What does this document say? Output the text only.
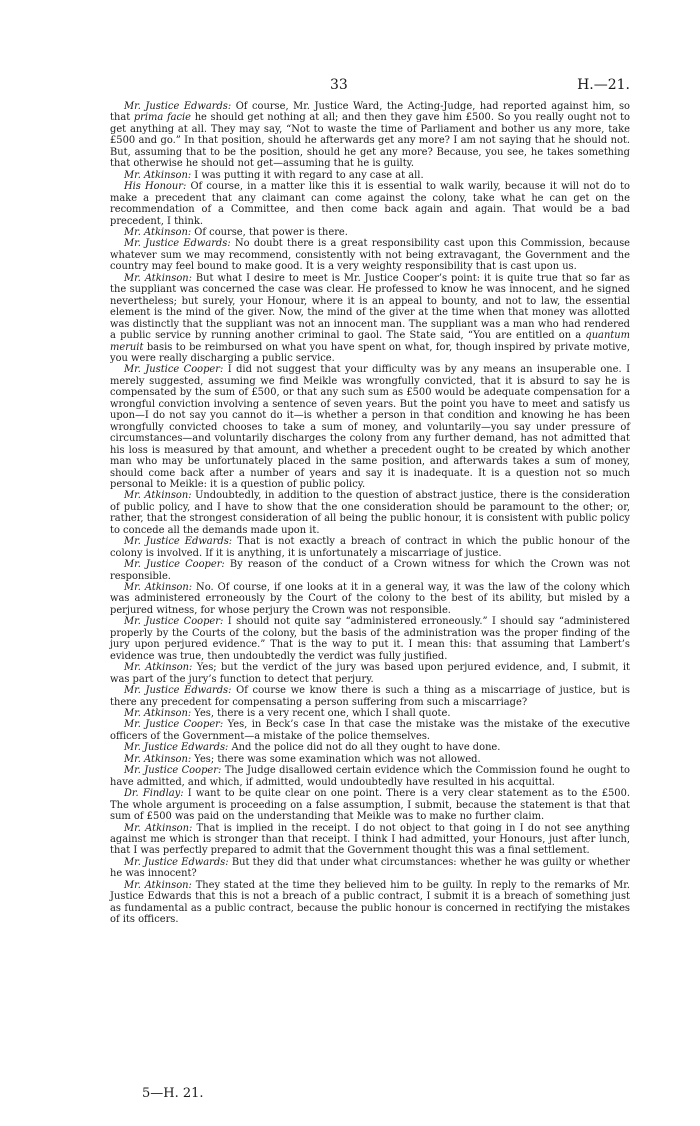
33	H.—21.

Mr. Justice Edwards: Of course, Mr. Justice Ward, the Acting-Judge, had reported against him, so that prima facie he should get nothing at all; and then they gave him £500. So you really ought not to get anything at all. They may say, “Not to waste the time of Parliament and bother us any more, take £500 and go.” In that position, should he afterwards get any more? I am not saying that he should not. But, assuming that to be the position, should he get any more? Because, you see, he takes something that otherwise he should not get—assuming that he is guilty.

Mr. Atkinson: I was putting it with regard to any case at all.

His Honour: Of course, in a matter like this it is essential to walk warily, because it will not do to make a precedent that any claimant can come against the colony, take what he can get on the recommendation of a Committee, and then come back again and again. That would be a bad precedent, I think.

Mr. Atkinson: Of course, that power is there.

Mr. Justice Edwards: No doubt there is a great responsibility cast upon this Commission, because whatever sum we may recommend, consistently with not being extravagant, the Government and the country may feel bound to make good. It is a very weighty responsibility that is cast upon us.

Mr. Atkinson: But what I desire to meet is Mr. Justice Cooper’s point: it is quite true that so far as the suppliant was concerned the case was clear. He professed to know he was innocent, and he signed nevertheless; but surely, your Honour, where it is an appeal to bounty, and not to law, the essential element is the mind of the giver. Now, the mind of the giver at the time when that money was allotted was distinctly that the suppliant was not an innocent man. The suppliant was a man who had rendered a public service by running another criminal to gaol. The State said, “You are entitled on a quantum meruit basis to be reimbursed on what you have spent on what, for, though inspired by private motive, you were really discharging a public service.

Mr. Justice Cooper: I did not suggest that your difficulty was by any means an insuperable one. I merely suggested, assuming we find Meikle was wrongfully convicted, that it is absurd to say he is compensated by the sum of £500, or that any such sum as £500 would be adequate compensation for a wrongful conviction involving a sentence of seven years. But the point you have to meet and satisfy us upon—I do not say you cannot do it—is whether a person in that condition and knowing he has been wrongfully convicted chooses to take a sum of money, and voluntarily—you say under pressure of circumstances—and voluntarily discharges the colony from any further demand, has not admitted that his loss is measured by that amount, and whether a precedent ought to be created by which another man who may be unfortunately placed in the same position, and afterwards takes a sum of money, should come back after a number of years and say it is inadequate. It is a question not so much personal to Meikle: it is a question of public policy.

Mr. Atkinson: Undoubtedly, in addition to the question of abstract justice, there is the consideration of public policy, and I have to show that the one consideration should be paramount to the other; or, rather, that the strongest consideration of all being the public honour, it is consistent with public policy to concede all the demands made upon it.

Mr. Justice Edwards: That is not exactly a breach of contract in which the public honour of the colony is involved. If it is anything, it is unfortunately a miscarriage of justice.

Mr. Justice Cooper: By reason of the conduct of a Crown witness for which the Crown was not responsible.

Mr. Atkinson: No. Of course, if one looks at it in a general way, it was the law of the colony which was administered erroneously by the Court of the colony to the best of its ability, but misled by a perjured witness, for whose perjury the Crown was not responsible.

Mr. Justice Cooper: I should not quite say “administered erroneously.” I should say “administered properly by the Courts of the colony, but the basis of the administration was the proper finding of the jury upon perjured evidence.” That is the way to put it. I mean this: that assuming that Lambert’s evidence was true, then undoubtedly the verdict was fully justified.

Mr. Atkinson: Yes; but the verdict of the jury was based upon perjured evidence, and, I submit, it was part of the jury’s function to detect that perjury.

Mr. Justice Edwards: Of course we know there is such a thing as a miscarriage of justice, but is there any precedent for compensating a person suffering from such a miscarriage?

Mr. Atkinson: Yes, there is a very recent one, which I shall quote.

Mr. Justice Cooper: Yes, in Beck’s case In that case the mistake was the mistake of the executive officers of the Government—a mistake of the police themselves.

Mr. Justice Edwards: And the police did not do all they ought to have done.

Mr. Atkinson: Yes; there was some examination which was not allowed.

Mr. Justice Cooper: The Judge disallowed certain evidence which the Commission found he ought to have admitted, and which, if admitted, would undoubtedly have resulted in his acquittal.

Dr. Findlay: I want to be quite clear on one point. There is a very clear statement as to the £500. The whole argument is proceeding on a false assumption, I submit, because the statement is that that sum of £500 was paid on the understanding that Meikle was to make no further claim.

Mr. Atkinson: That is implied in the receipt. I do not object to that going in I do not see anything against me which is stronger than that receipt. I think I had admitted, your Honours, just after lunch, that I was perfectly prepared to admit that the Government thought this was a final settlement.

Mr. Justice Edwards: But they did that under what circumstances: whether he was guilty or whether he was innocent?

Mr. Atkinson: They stated at the time they believed him to be guilty. In reply to the remarks of Mr. Justice Edwards that this is not a breach of a public contract, I submit it is a breach of something just as fundamental as a public contract, because the public honour is concerned in rectifying the mistakes of its officers.

5—H. 21.
